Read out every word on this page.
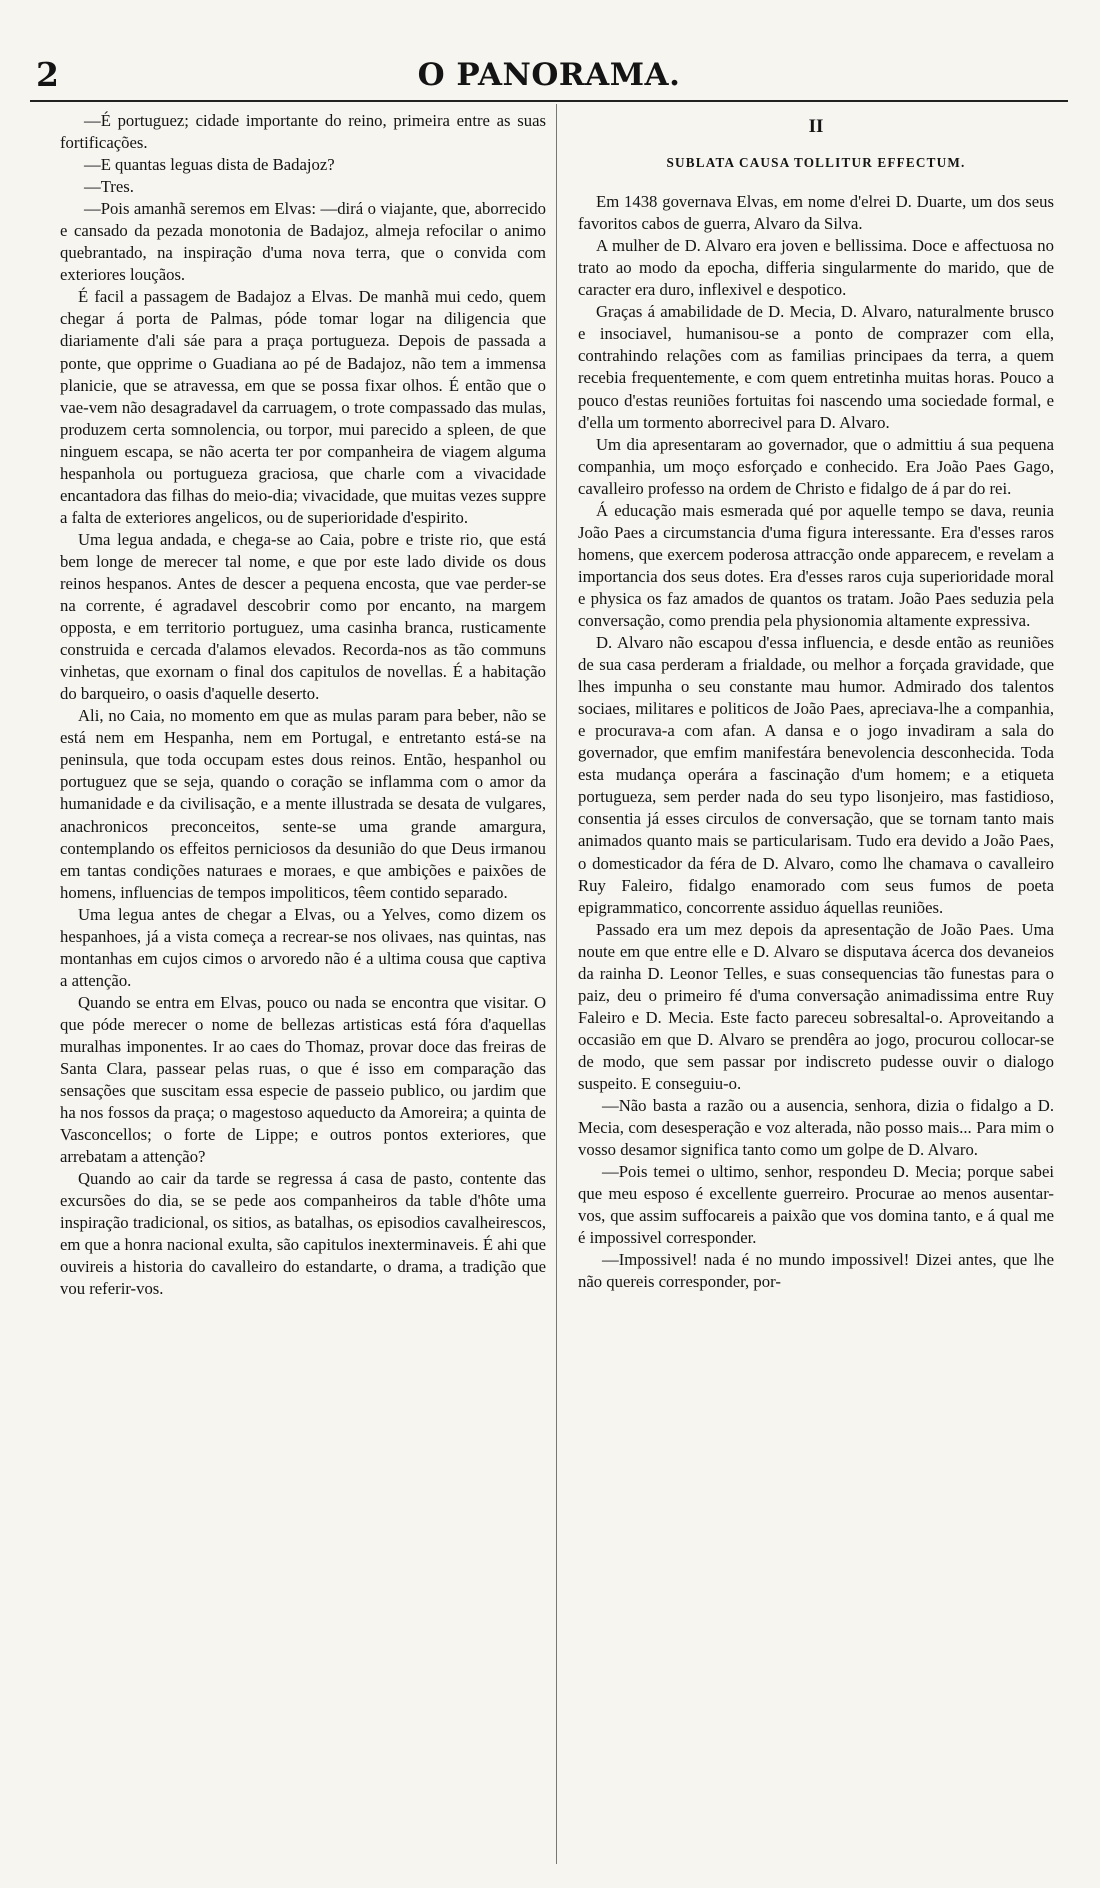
2	O PANORAMA.

—É portuguez; cidade importante do reino, primeira entre as suas fortificações.

—E quantas leguas dista de Badajoz?

—Tres.

—Pois amanhã seremos em Elvas: —dirá o viajante, que, aborrecido e cansado da pezada monotonia de Badajoz, almeja refocilar o animo quebrantado, na inspiração d'uma nova terra, que o convida com exteriores louçãos.

É facil a passagem de Badajoz a Elvas. De manhã mui cedo, quem chegar á porta de Palmas, póde tomar logar na diligencia que diariamente d'ali sáe para a praça portugueza. Depois de passada a ponte, que opprime o Guadiana ao pé de Badajoz, não tem a immensa planicie, que se atravessa, em que se possa fixar olhos. É então que o vae-vem não desagradavel da carruagem, o trote compassado das mulas, produzem certa somnolencia, ou torpor, mui parecido a spleen, de que ninguem escapa, se não acerta ter por companheira de viagem alguma hespanhola ou portugueza graciosa, que charle com a vivacidade encantadora das filhas do meio-dia; vivacidade, que muitas vezes suppre a falta de exteriores angelicos, ou de superioridade d'espirito.

Uma legua andada, e chega-se ao Caia, pobre e triste rio, que está bem longe de merecer tal nome, e que por este lado divide os dous reinos hespanos. Antes de descer a pequena encosta, que vae perder-se na corrente, é agradavel descobrir como por encanto, na margem opposta, e em territorio portuguez, uma casinha branca, rusticamente construida e cercada d'alamos elevados. Recorda-nos as tão communs vinhetas, que exornam o final dos capitulos de novellas. É a habitação do barqueiro, o oasis d'aquelle deserto.

Ali, no Caia, no momento em que as mulas param para beber, não se está nem em Hespanha, nem em Portugal, e entretanto está-se na peninsula, que toda occupam estes dous reinos. Então, hespanhol ou portuguez que se seja, quando o coração se inflamma com o amor da humanidade e da civilisação, e a mente illustrada se desata de vulgares, anachronicos preconceitos, sente-se uma grande amargura, contemplando os effeitos perniciosos da desunião do que Deus irmanou em tantas condições naturaes e moraes, e que ambições e paixões de homens, influencias de tempos impoliticos, têem contido separado.

Uma legua antes de chegar a Elvas, ou a Yelves, como dizem os hespanhoes, já a vista começa a recrear-se nos olivaes, nas quintas, nas montanhas em cujos cimos o arvoredo não é a ultima cousa que captiva a attenção.

Quando se entra em Elvas, pouco ou nada se encontra que visitar. O que póde merecer o nome de bellezas artisticas está fóra d'aquellas muralhas imponentes. Ir ao caes do Thomaz, provar doce das freiras de Santa Clara, passear pelas ruas, o que é isso em comparação das sensações que suscitam essa especie de passeio publico, ou jardim que ha nos fossos da praça; o magestoso aqueducto da Amoreira; a quinta de Vasconcellos; o forte de Lippe; e outros pontos exteriores, que arrebatam a attenção?

Quando ao cair da tarde se regressa á casa de pasto, contente das excursões do dia, se se pede aos companheiros da table d'hôte uma inspiração tradicional, os sitios, as batalhas, os episodios cavalheirescos, em que a honra nacional exulta, são capitulos inexterminaveis. É ahi que ouvireis a historia do cavalleiro do estandarte, o drama, a tradição que vou referir-vos.

II
SUBLATA CAUSA TOLLITUR EFFECTUM.

Em 1438 governava Elvas, em nome d'elrei D. Duarte, um dos seus favoritos cabos de guerra, Alvaro da Silva.

A mulher de D. Alvaro era joven e bellissima. Doce e affectuosa no trato ao modo da epocha, differia singularmente do marido, que de caracter era duro, inflexivel e despotico.

Graças á amabilidade de D. Mecia, D. Alvaro, naturalmente brusco e insociavel, humanisou-se a ponto de comprazer com ella, contrahindo relações com as familias principaes da terra, a quem recebia frequentemente, e com quem entretinha muitas horas. Pouco a pouco d'estas reuniões fortuitas foi nascendo uma sociedade formal, e d'ella um tormento aborrecivel para D. Alvaro.

Um dia apresentaram ao governador, que o admittiu á sua pequena companhia, um moço esforçado e conhecido. Era João Paes Gago, cavalleiro professo na ordem de Christo e fidalgo de á par do rei.

Á educação mais esmerada qué por aquelle tempo se dava, reunia João Paes a circumstancia d'uma figura interessante. Era d'esses raros homens, que exercem poderosa attracção onde apparecem, e revelam a importancia dos seus dotes. Era d'esses raros cuja superioridade moral e physica os faz amados de quantos os tratam. João Paes seduzia pela conversação, como prendia pela physionomia altamente expressiva.

D. Alvaro não escapou d'essa influencia, e desde então as reuniões de sua casa perderam a frialdade, ou melhor a forçada gravidade, que lhes impunha o seu constante mau humor. Admirado dos talentos sociaes, militares e politicos de João Paes, apreciava-lhe a companhia, e procurava-a com afan. A dansa e o jogo invadiram a sala do governador, que emfim manifestára benevolencia desconhecida. Toda esta mudança operára a fascinação d'um homem; e a etiqueta portugueza, sem perder nada do seu typo lisonjeiro, mas fastidioso, consentia já esses circulos de conversação, que se tornam tanto mais animados quanto mais se particularisam. Tudo era devido a João Paes, o domesticador da féra de D. Alvaro, como lhe chamava o cavalleiro Ruy Faleiro, fidalgo enamorado com seus fumos de poeta epigrammatico, concorrente assiduo áquellas reuniões.

Passado era um mez depois da apresentação de João Paes. Uma noute em que entre elle e D. Alvaro se disputava ácerca dos devaneios da rainha D. Leonor Telles, e suas consequencias tão funestas para o paiz, deu o primeiro fé d'uma conversação animadissima entre Ruy Faleiro e D. Mecia. Este facto pareceu sobresaltal-o. Aproveitando a occasião em que D. Alvaro se prendêra ao jogo, procurou collocar-se de modo, que sem passar por indiscreto pudesse ouvir o dialogo suspeito. E conseguiu-o.

—Não basta a razão ou a ausencia, senhora, dizia o fidalgo a D. Mecia, com desesperação e voz alterada, não posso mais... Para mim o vosso desamor significa tanto como um golpe de D. Alvaro.

—Pois temei o ultimo, senhor, respondeu D. Mecia; porque sabei que meu esposo é excellente guerreiro. Procurae ao menos ausentar-vos, que assim suffocareis a paixão que vos domina tanto, e á qual me é impossivel corresponder.

—Impossivel! nada é no mundo impossivel! Dizei antes, que lhe não quereis corresponder, por-
